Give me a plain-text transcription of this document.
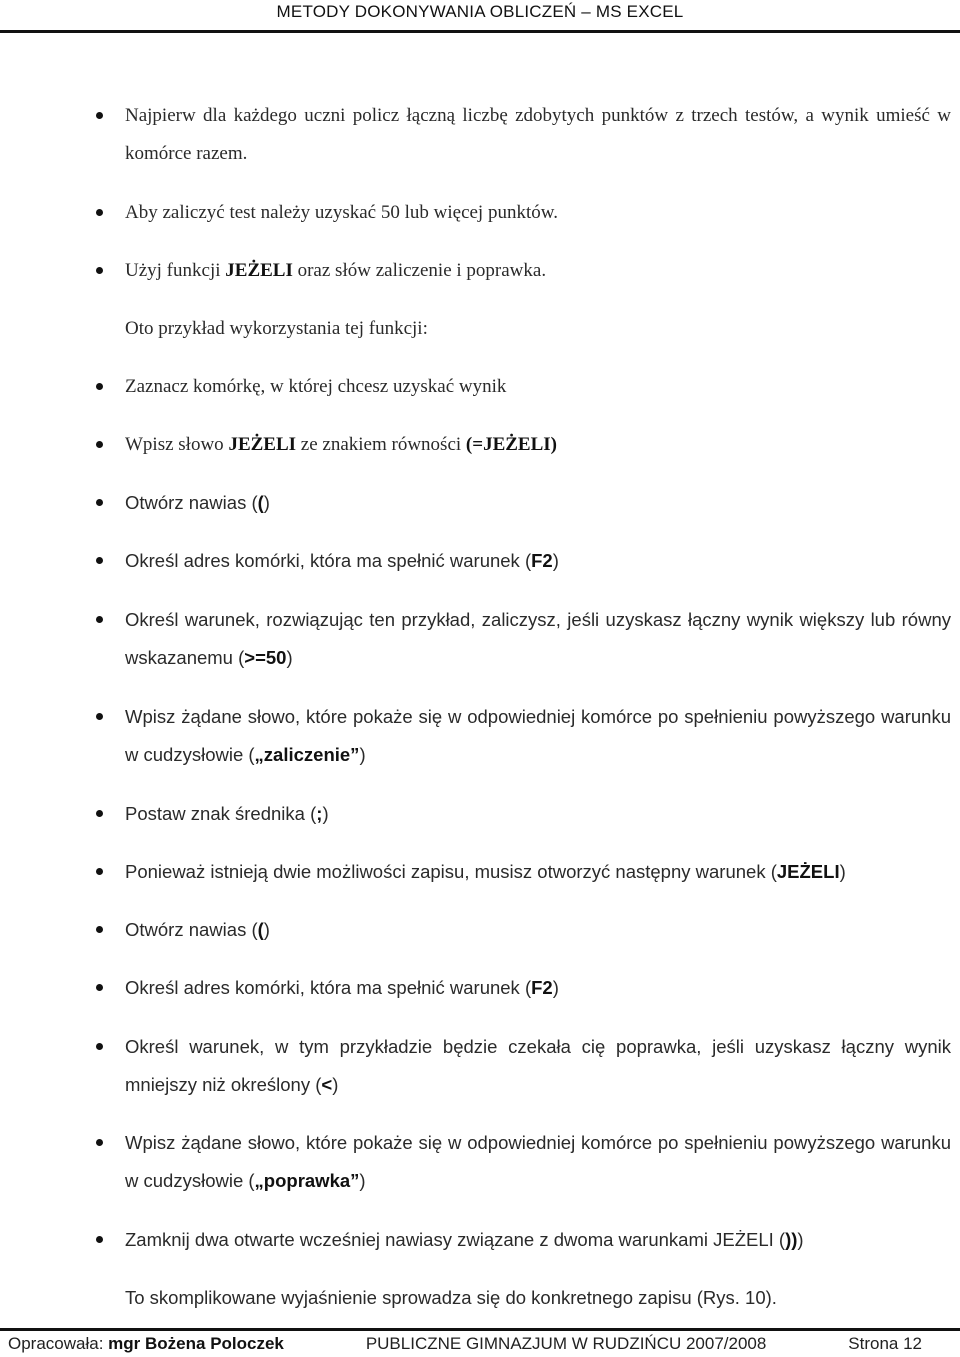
METODY DOKONYWANIA OBLICZEŃ – MS EXCEL
Najpierw dla każdego uczni policz łączną liczbę zdobytych punktów z trzech testów, a wynik umieść w komórce razem.
Aby zaliczyć test należy uzyskać 50 lub więcej punktów.
Użyj funkcji JEŻELI oraz słów zaliczenie i poprawka.
Oto przykład wykorzystania tej funkcji:
Zaznacz komórkę, w której chcesz uzyskać wynik
Wpisz słowo JEŻELI ze znakiem równości (=JEŻELI)
Otwórz nawias (()
Określ adres komórki, która ma spełnić warunek (F2)
Określ warunek, rozwiązując ten przykład, zaliczysz, jeśli uzyskasz łączny wynik większy lub równy wskazanemu (>=50)
Wpisz żądane słowo, które pokaże się w odpowiedniej komórce po spełnieniu powyższego warunku w cudzysłowie („zaliczenie”)
Postaw znak średnika (;)
Ponieważ istnieją dwie możliwości zapisu, musisz otworzyć następny warunek (JEŻELI)
Otwórz nawias (()
Określ adres komórki, która ma spełnić warunek (F2)
Określ warunek, w tym przykładzie będzie czekała cię poprawka, jeśli uzyskasz łączny wynik mniejszy niż określony (<)
Wpisz żądane słowo, które pokaże się w odpowiedniej komórce po spełnieniu powyższego warunku w cudzysłowie („poprawka”)
Zamknij dwa otwarte wcześniej nawiasy związane z dwoma warunkami JEŻELI ()))
To skomplikowane wyjaśnienie sprowadza się do konkretnego zapisu (Rys. 10).
Opracowała: mgr Bożena Poloczek	PUBLICZNE GIMNAZJUM W RUDZIŃCU 2007/2008	Strona 12
